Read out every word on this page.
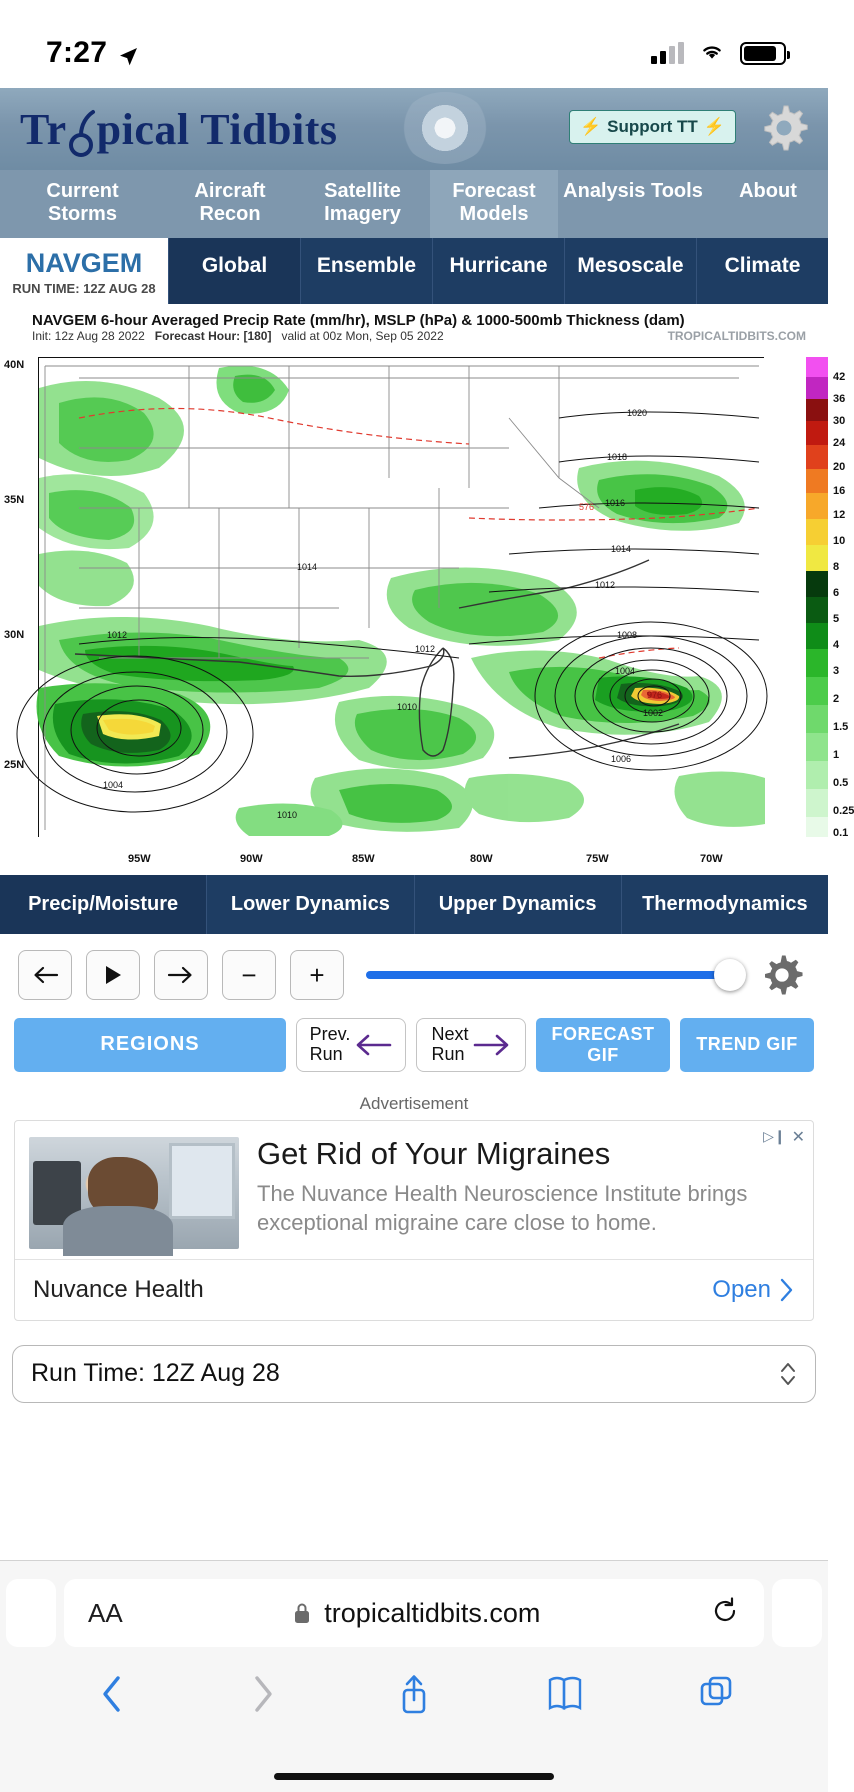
7:27
Tr pical Tidbits	⚡ Support TT ⚡
Current
Storms
Aircraft
Recon
Satellite
Imagery
Forecast
Models
Analysis Tools	About
NAVGEM
RUN TIME: 12Z AUG 28
Global	Ensemble	Hurricane	Mesoscale	Climate
NAVGEM 6-hour Averaged Precip Rate (mm/hr), MSLP (hPa) & 1000-500mb Thickness (dam)
Init: 12z Aug 28 2022 Forecast Hour: [180] valid at 00z Mon, Sep 05 2022	TROPICALTIDBITS.COM
40N
35N
30N
25N
1020
1018
1016
1014
1012
1008
1014
1012
1012
1010
1010
1004
1004
1002
1006
976
576
95W	90W	85W	80W	75W	70W
42
36
30
24
20
16
12
10
8
6
5
4
3
2
1.5
1
0.5
0.25
0.1
Precip/Moisture	Lower Dynamics	Upper Dynamics	Thermodynamics
−	+
REGIONS	Prev.
Run
Next
Run
FORECAST GIF
TREND GIF
Advertisement
Get Rid of Your Migraines
The Nuvance Health Neuroscience Institute brings exceptional migraine care close to home.
▷❙ ✕
Nuvance Health	Open
Run Time: 12Z Aug 28
AA	tropicaltidbits.com
